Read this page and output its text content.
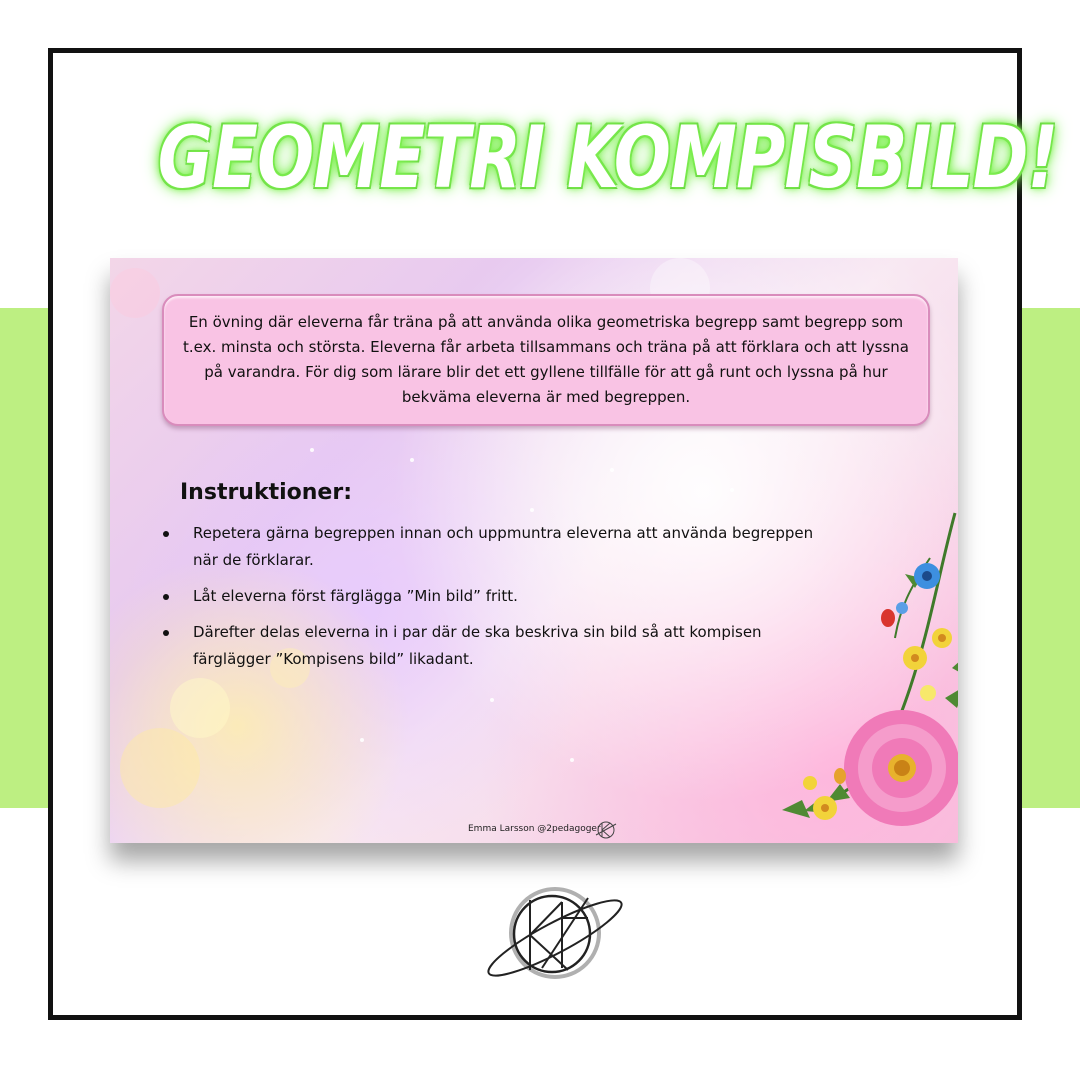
GEOMETRI KOMPISBILD!
En övning där eleverna får träna på att använda olika geometriska begrepp samt begrepp som t.ex. minsta och största. Eleverna får arbeta tillsammans och träna på att förklara och att lyssna på varandra. För dig som lärare blir det ett gyllene tillfälle för att gå runt och lyssna på hur bekväma eleverna är med begreppen.
Instruktioner:
Repetera gärna begreppen innan och uppmuntra eleverna att använda begreppen när de förklarar.
Låt eleverna först färglägga ”Min bild” fritt.
Därefter delas eleverna in i par där de ska beskriva sin bild så att kompisen färglägger ”Kompisens bild” likadant.
Emma Larsson @2pedagoger
